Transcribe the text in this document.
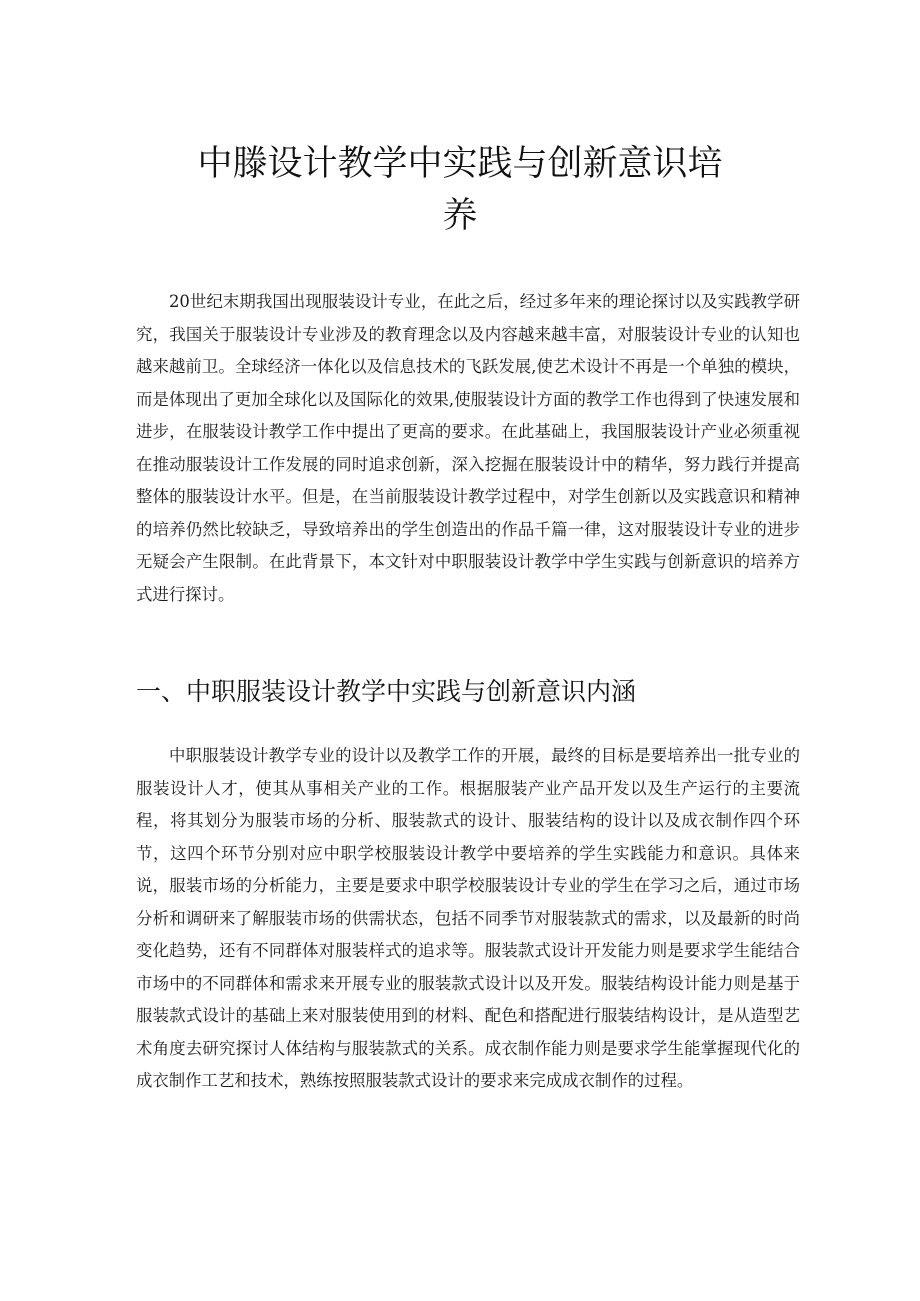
中滕设计教学中实践与创新意识培
养

20世纪末期我国出现服装设计专业，在此之后，经过多年来的理论探讨以及实践教学研究，我国关于服装设计专业涉及的教育理念以及内容越来越丰富，对服装设计专业的认知也越来越前卫。全球经济一体化以及信息技术的飞跃发展,使艺术设计不再是一个单独的模块，而是体现出了更加全球化以及国际化的效果,使服装设计方面的教学工作也得到了快速发展和进步，在服装设计教学工作中提出了更高的要求。在此基础上，我国服装设计产业必须重视在推动服装设计工作发展的同时追求创新，深入挖掘在服装设计中的精华，努力践行并提高整体的服装设计水平。但是，在当前服装设计教学过程中，对学生创新以及实践意识和精神的培养仍然比较缺乏，导致培养出的学生创造出的作品千篇一律，这对服装设计专业的进步无疑会产生限制。在此背景下，本文针对中职服装设计教学中学生实践与创新意识的培养方式进行探讨。

一、中职服装设计教学中实践与创新意识内涵

中职服装设计教学专业的设计以及教学工作的开展，最终的目标是要培养出一批专业的服装设计人才，使其从事相关产业的工作。根据服装产业产品开发以及生产运行的主要流程，将其划分为服装市场的分析、服装款式的设计、服装结构的设计以及成衣制作四个环节，这四个环节分别对应中职学校服装设计教学中要培养的学生实践能力和意识。具体来说，服装市场的分析能力，主要是要求中职学校服装设计专业的学生在学习之后，通过市场分析和调研来了解服装市场的供需状态，包括不同季节对服装款式的需求，以及最新的时尚变化趋势，还有不同群体对服装样式的追求等。服装款式设计开发能力则是要求学生能结合市场中的不同群体和需求来开展专业的服装款式设计以及开发。服装结构设计能力则是基于服装款式设计的基础上来对服装使用到的材料、配色和搭配进行服装结构设计，是从造型艺术角度去研究探讨人体结构与服装款式的关系。成衣制作能力则是要求学生能掌握现代化的成衣制作工艺和技术，熟练按照服装款式设计的要求来完成成衣制作的过程。
